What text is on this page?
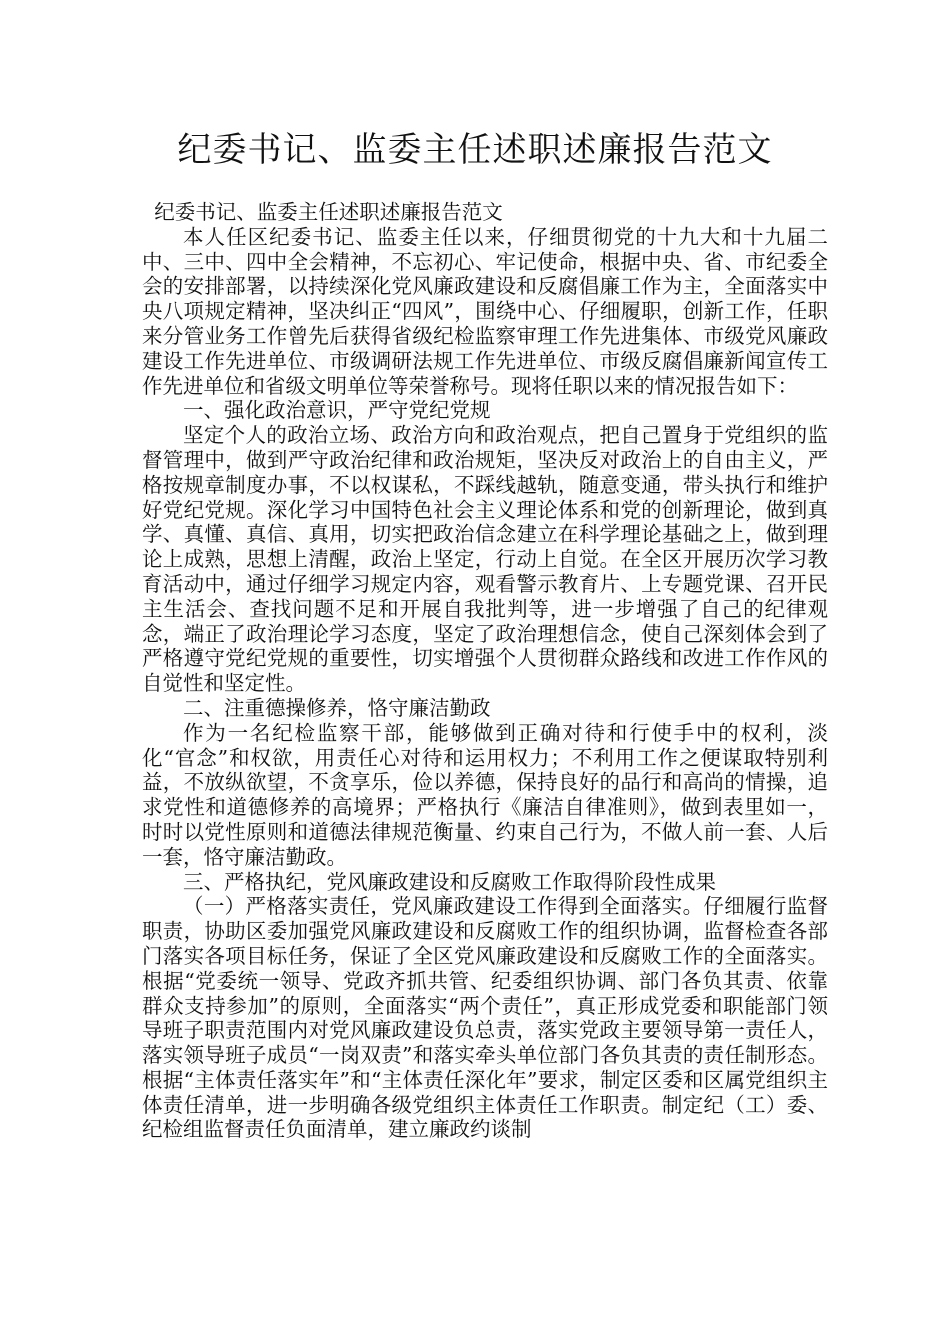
纪委书记、监委主任述职述廉报告范文

纪委书记、监委主任述职述廉报告范文

本人任区纪委书记、监委主任以来，仔细贯彻党的十九大和十九届二中、三中、四中全会精神，不忘初心、牢记使命，根据中央、省、市纪委全会的安排部署，以持续深化党风廉政建设和反腐倡廉工作为主，全面落实中央八项规定精神，坚决纠正“四风”，围绕中心、仔细履职，创新工作，任职来分管业务工作曾先后获得省级纪检监察审理工作先进集体、市级党风廉政建设工作先进单位、市级调研法规工作先进单位、市级反腐倡廉新闻宣传工作先进单位和省级文明单位等荣誉称号。现将任职以来的情况报告如下：

一、强化政治意识，严守党纪党规

坚定个人的政治立场、政治方向和政治观点，把自己置身于党组织的监督管理中，做到严守政治纪律和政治规矩，坚决反对政治上的自由主义，严格按规章制度办事，不以权谋私，不踩线越轨，随意变通，带头执行和维护好党纪党规。深化学习中国特色社会主义理论体系和党的创新理论，做到真学、真懂、真信、真用，切实把政治信念建立在科学理论基础之上，做到理论上成熟，思想上清醒，政治上坚定，行动上自觉。在全区开展历次学习教育活动中，通过仔细学习规定内容，观看警示教育片、上专题党课、召开民主生活会、查找问题不足和开展自我批判等，进一步增强了自己的纪律观念，端正了政治理论学习态度，坚定了政治理想信念，使自己深刻体会到了严格遵守党纪党规的重要性，切实增强个人贯彻群众路线和改进工作作风的自觉性和坚定性。

二、注重德操修养，恪守廉洁勤政

作为一名纪检监察干部，能够做到正确对待和行使手中的权利，淡化“官念”和权欲，用责任心对待和运用权力；不利用工作之便谋取特别利益，不放纵欲望，不贪享乐，俭以养德，保持良好的品行和高尚的情操，追求党性和道德修养的高境界；严格执行《廉洁自律准则》，做到表里如一，时时以党性原则和道德法律规范衡量、约束自己行为，不做人前一套、人后一套，恪守廉洁勤政。

三、严格执纪，党风廉政建设和反腐败工作取得阶段性成果

（一）严格落实责任，党风廉政建设工作得到全面落实。仔细履行监督职责，协助区委加强党风廉政建设和反腐败工作的组织协调，监督检查各部门落实各项目标任务，保证了全区党风廉政建设和反腐败工作的全面落实。根据“党委统一领导、党政齐抓共管、纪委组织协调、部门各负其责、依靠群众支持参加”的原则，全面落实“两个责任”，真正形成党委和职能部门领导班子职责范围内对党风廉政建设负总责，落实党政主要领导第一责任人，落实领导班子成员“一岗双责”和落实牵头单位部门各负其责的责任制形态。根据“主体责任落实年”和“主体责任深化年”要求，制定区委和区属党组织主体责任清单，进一步明确各级党组织主体责任工作职责。制定纪（工）委、纪检组监督责任负面清单，建立廉政约谈制
